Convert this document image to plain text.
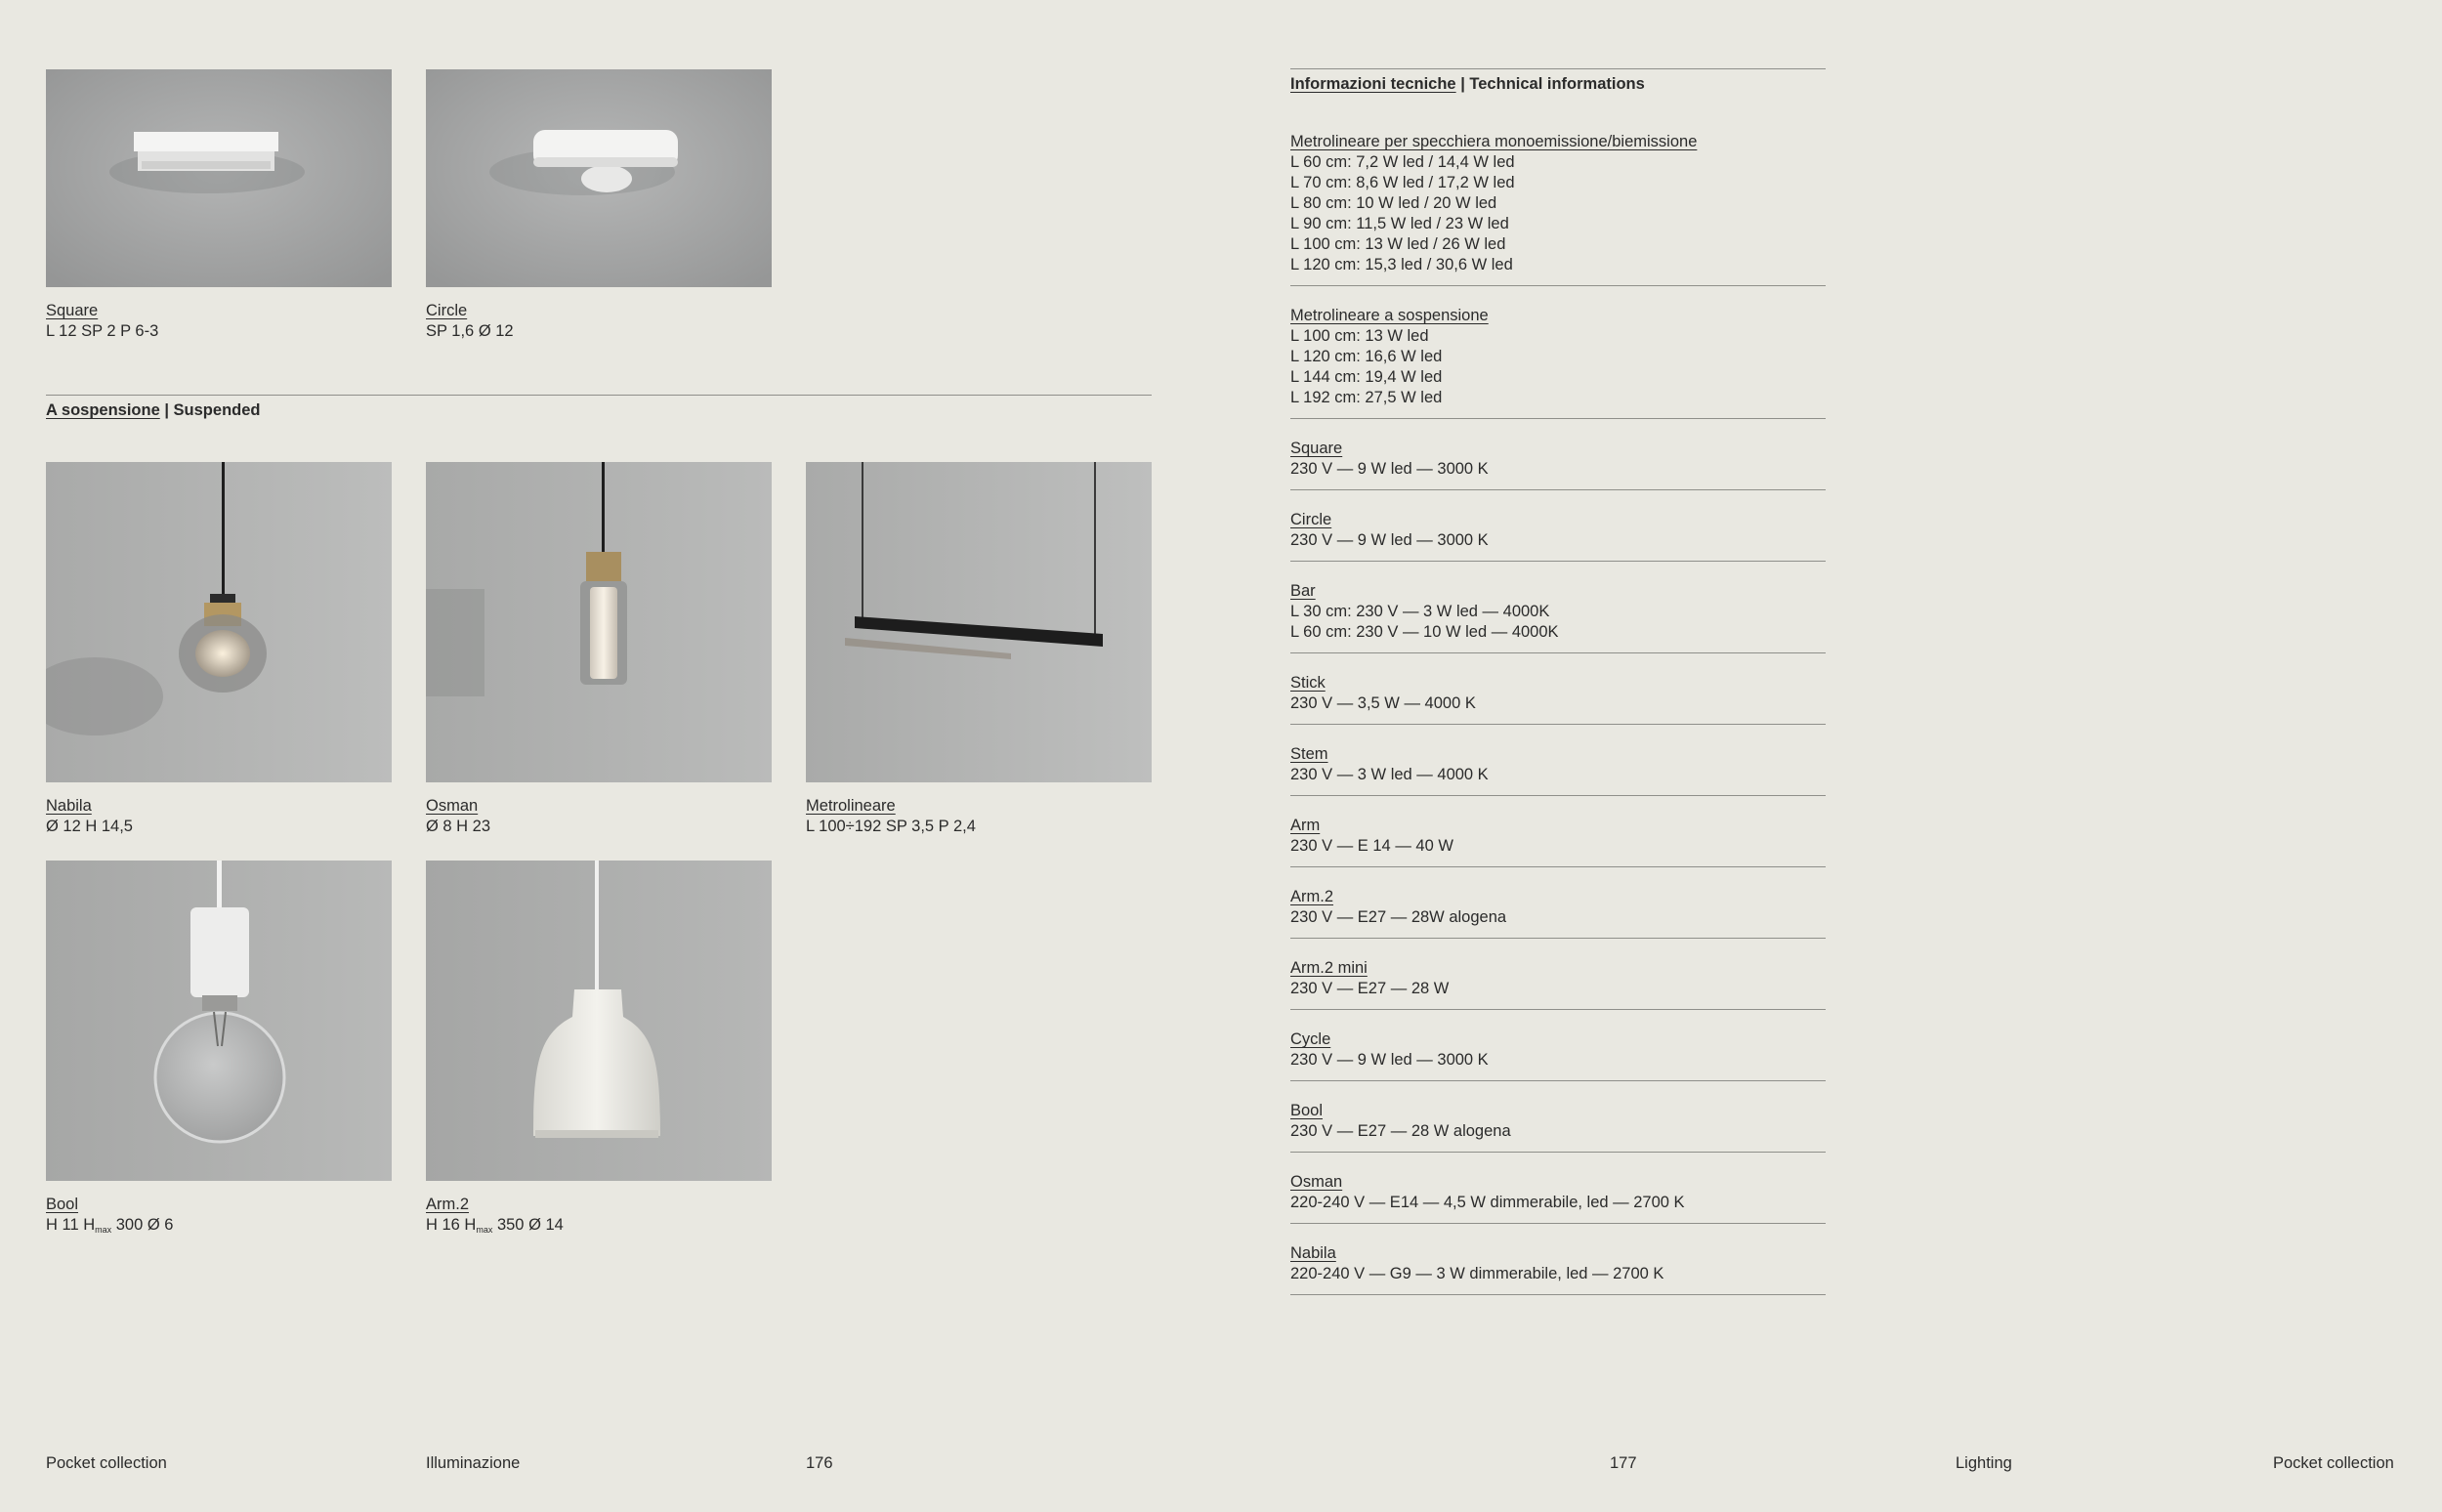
Square
L 12 SP 2 P 6-3
Circle
SP 1,6 Ø 12
A sospensione | Suspended
Nabila
Ø 12 H 14,5
Osman
Ø 8 H 23
Metrolineare
L 100÷192 SP 3,5 P 2,4
Bool
H 11 $H_{max}$ 300 Ø 6
Arm.2
H 16 $H_{max}$ 350 Ø 14
Informazioni tecniche | Technical informations
Metrolineare per specchiera monoemissione/biemissione
L 60 cm: 7,2 W led / 14,4 W led
L 70 cm: 8,6 W led / 17,2 W led
L 80 cm: 10 W led / 20 W led
L 90 cm: 11,5 W led / 23 W led
L 100 cm: 13 W led / 26 W led
L 120 cm: 15,3 led / 30,6 W led
Metrolineare a sospensione
L 100 cm: 13 W led
L 120 cm: 16,6 W led
L 144 cm: 19,4 W led
L 192 cm: 27,5 W led
Square
230 V — 9 W led — 3000 K
Circle
230 V — 9 W led — 3000 K
Bar
L 30 cm: 230 V — 3 W led — 4000K
L 60 cm: 230 V — 10 W led — 4000K
Stick
230 V — 3,5 W — 4000 K
Stem
230 V — 3 W led — 4000 K
Arm
230 V — E 14 — 40 W
Arm.2
230 V — E27 — 28W alogena
Arm.2 mini
230 V — E27 — 28 W
Cycle
230 V — 9 W led — 3000 K
Bool
230 V — E27 — 28 W alogena
Osman
220-240 V — E14 — 4,5 W dimmerabile, led — 2700 K
Nabila
220-240 V — G9 — 3 W dimmerabile, led — 2700 K
Pocket collection	Illuminazione	176	177	Lighting	Pocket collection
